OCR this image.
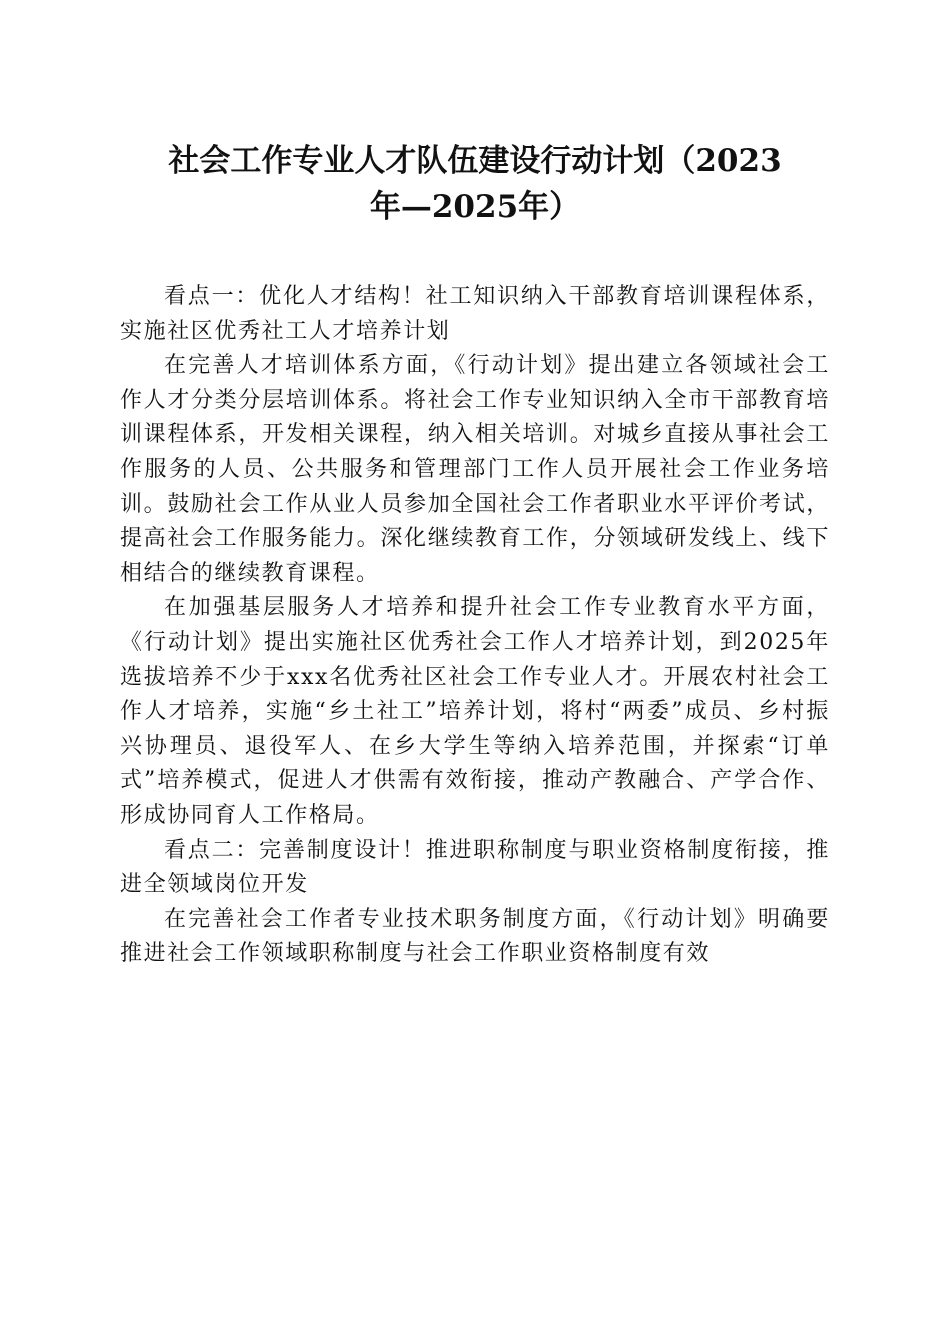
社会工作专业人才队伍建设行动计划（2023
年—2025年）

看点一：优化人才结构！社工知识纳入干部教育培训课程体系，实施社区优秀社工人才培养计划

在完善人才培训体系方面，《行动计划》提出建立各领域社会工作人才分类分层培训体系。将社会工作专业知识纳入全市干部教育培训课程体系，开发相关课程，纳入相关培训。对城乡直接从事社会工作服务的人员、公共服务和管理部门工作人员开展社会工作业务培训。鼓励社会工作从业人员参加全国社会工作者职业水平评价考试，提高社会工作服务能力。深化继续教育工作，分领域研发线上、线下相结合的继续教育课程。

在加强基层服务人才培养和提升社会工作专业教育水平方面，《行动计划》提出实施社区优秀社会工作人才培养计划，到2025年选拔培养不少于xxx名优秀社区社会工作专业人才。开展农村社会工作人才培养，实施“乡土社工”培养计划，将村“两委”成员、乡村振兴协理员、退役军人、在乡大学生等纳入培养范围，并探索“订单式”培养模式，促进人才供需有效衔接，推动产教融合、产学合作、形成协同育人工作格局。

看点二：完善制度设计！推进职称制度与职业资格制度衔接，推进全领域岗位开发

在完善社会工作者专业技术职务制度方面，《行动计划》明确要推进社会工作领域职称制度与社会工作职业资格制度有效
